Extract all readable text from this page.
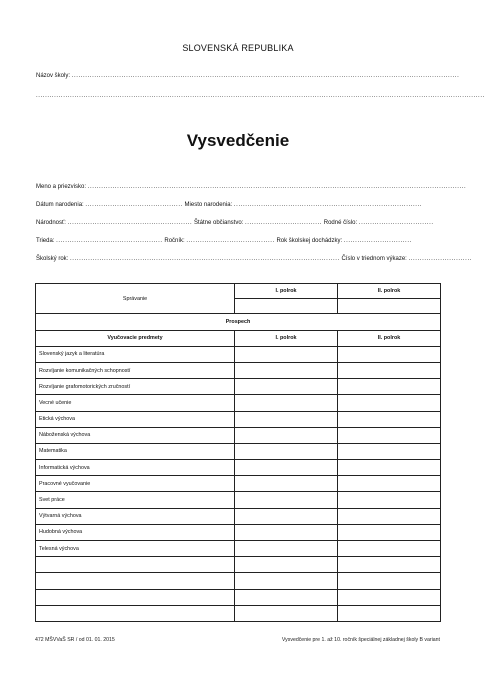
SLOVENSKÁ REPUBLIKA
Názov školy: ...........................................................................................................................................................................
......................................................................................................................................................................................................
Vysvedčenie
Meno a priezvisko: .......................................................................................................................................................................
Dátum narodenia: ........................................... Miesto narodenia: ...................................................................................
Národnosť: ....................................................... Štátne občianstvo: .................................. Rodné číslo: .................................
Trieda: ............................................... Ročník: ....................................... Rok školskej dochádzky: ..............................
Školský rok: ....................................................................................................................... Číslo v triednom výkaze: ............................
Správanie	I. polrok	II. polrok

Prospech		
Vyučovacie predmety	I. polrok	II. polrok
Slovenský jazyk a literatúra		
Rozvíjanie komunikačných schopností		
Rozvíjanie grafomotorických zručností		
Vecné učenie		
Etická výchova		
Náboženská výchova		
Matematika		
Informatická výchova		
Pracovné vyučovanie		
Svet práce		
Výtvarná výchova		
Hudobná výchova		
Telesná výchova		

472 MŠVVaŠ SR / od 01. 01. 2015	Vysvedčenie pre 1. až 10. ročník špeciálnej základnej školy B variant
